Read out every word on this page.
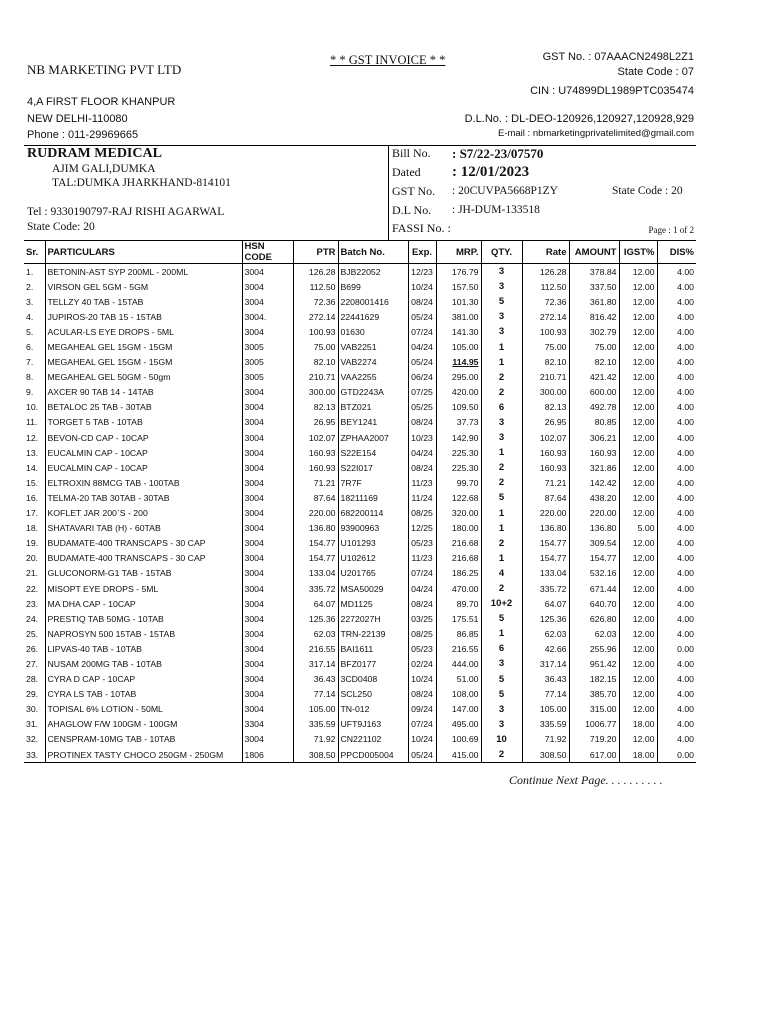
NB MARKETING PVT LTD
4,A FIRST FLOOR KHANPUR
NEW DELHI-110080
Phone : 011-29969665
* * GST INVOICE * *	GST No. : 07AAACN2498L2Z1
State Code : 07
CIN : U74899DL1989PTC035474
D.L.No. : DL-DEO-120926,120927,120928,929
E-mail : nbmarketingprivatelimited@gmail.com
RUDRAM MEDICAL
AJIM GALI,DUMKA
TAL:DUMKA JHARKHAND-814101
Tel : 9330190797-RAJ RISHI AGARWAL
State Code: 20
Bill No. : S7/22-23/07570
Dated : 12/01/2023
GST No. : 20CUVPA5668P1ZY	State Code : 20
D.L No. : JH-DUM-133518
FASSI No. :	Page : 1 of 2
Sr.	PARTICULARS	HSN CODE	PTR	Batch No.	Exp.	MRP.	QTY.	Rate	AMOUNT	IGST%	DIS%
1.	BETONIN-AST SYP 200ML - 200ML	3004	126.28	BJB22052	12/23	176.79	3	126.28	378.84	12.00	4.00
2.	VIRSON GEL 5GM - 5GM	3004	112.50	B699	10/24	157.50	3	112.50	337.50	12.00	4.00
3.	TELLZY 40 TAB - 15TAB	3004	72.36	2208001416	08/24	101.30	5	72.36	361.80	12.00	4.00
4.	JUPIROS-20 TAB 15 - 15TAB	3004.	272.14	22441629	05/24	381.00	3	272.14	816.42	12.00	4.00
5.	ACULAR-LS EYE DROPS - 5ML	3004	100.93	01630	07/24	141.30	3	100.93	302.79	12.00	4.00
6.	MEGAHEAL GEL 15GM - 15GM	3005	75.00	VAB2251	04/24	105.00	1	75.00	75.00	12.00	4.00
7.	MEGAHEAL GEL 15GM - 15GM	3005	82.10	VAB2274	05/24	114.95	1	82.10	82.10	12.00	4.00
8.	MEGAHEAL GEL 50GM - 50gm	3005	210.71	VAA2255	06/24	295.00	2	210.71	421.42	12.00	4.00
9.	AXCER 90 TAB 14 - 14TAB	3004	300.00	GTD2243A	07/25	420.00	2	300.00	600.00	12.00	4.00
10.	BETALOC 25 TAB - 30TAB	3004	82.13	BTZ021	05/25	109.50	6	82.13	492.78	12.00	4.00
11.	TORGET 5 TAB - 10TAB	3004	26.95	BEY1241	08/24	37.73	3	26.95	80.85	12.00	4.00
12.	BEVON-CD CAP - 10CAP	3004	102.07	ZPHAA2007	10/23	142.90	3	102.07	306.21	12.00	4.00
13.	EUCALMIN CAP - 10CAP	3004	160.93	S22E154	04/24	225.30	1	160.93	160.93	12.00	4.00
14.	EUCALMIN CAP - 10CAP	3004	160.93	S22I017	08/24	225.30	2	160.93	321.86	12.00	4.00
15.	ELTROXIN 88MCG TAB - 100TAB	3004	71.21	7R7F	11/23	99.70	2	71.21	142.42	12.00	4.00
16.	TELMA-20 TAB 30TAB - 30TAB	3004	87.64	18211169	11/24	122.68	5	87.64	438.20	12.00	4.00
17.	KOFLET JAR 200`S - 200	3004	220.00	682200114	08/25	320.00	1	220.00	220.00	12.00	4.00
18.	SHATAVARI TAB (H) - 60TAB	3004	136.80	93900963	12/25	180.00	1	136.80	136.80	5.00	4.00
19.	BUDAMATE-400 TRANSCAPS - 30 CAP	3004	154.77	U101293	05/23	216.68	2	154.77	309.54	12.00	4.00
20.	BUDAMATE-400 TRANSCAPS - 30 CAP	3004	154.77	U102612	11/23	216.68	1	154.77	154.77	12.00	4.00
21.	GLUCONORM-G1 TAB - 15TAB	3004	133.04	U201765	07/24	186.25	4	133.04	532.16	12.00	4.00
22.	MISOPT EYE DROPS - 5ML	3004	335.72	MSA50029	04/24	470.00	2	335.72	671.44	12.00	4.00
23.	MA DHA CAP - 10CAP	3004	64.07	MD1125	08/24	89.70	10+2	64.07	640.70	12.00	4.00
24.	PRESTIQ TAB 50MG - 10TAB	3004	125.36	2272027H	03/25	175.51	5	125.36	626.80	12.00	4.00
25.	NAPROSYN 500 15TAB - 15TAB	3004	62.03	TRN-22139	08/25	86.85	1	62.03	62.03	12.00	4.00
26.	LIPVAS-40 TAB - 10TAB	3004	216.55	BAI1611	05/23	216.55	6	42.66	255.96	12.00	0.00
27.	NUSAM 200MG TAB - 10TAB	3004	317.14	BFZ0177	02/24	444.00	3	317.14	951.42	12.00	4.00
28.	CYRA D CAP - 10CAP	3004	36.43	3CD0408	10/24	51.00	5	36.43	182.15	12.00	4.00
29.	CYRA LS TAB - 10TAB	3004	77.14	SCL250	08/24	108.00	5	77.14	385.70	12.00	4.00
30.	TOPISAL 6% LOTION - 50ML	3004	105.00	TN-012	09/24	147.00	3	105.00	315.00	12.00	4.00
31.	AHAGLOW F/W 100GM - 100GM	3304	335.59	UFT9J163	07/24	495.00	3	335.59	1006.77	18.00	4.00
32.	CENSPRAM-10MG TAB - 10TAB	3004	71.92	CN221102	10/24	100.69	10	71.92	719.20	12.00	4.00
33.	PROTINEX TASTY CHOCO 250GM - 250GM	1806	308.50	PPCD005004	05/24	415.00	2	308.50	617.00	18.00	0.00
Continue Next Page. . . . . . . . . .
